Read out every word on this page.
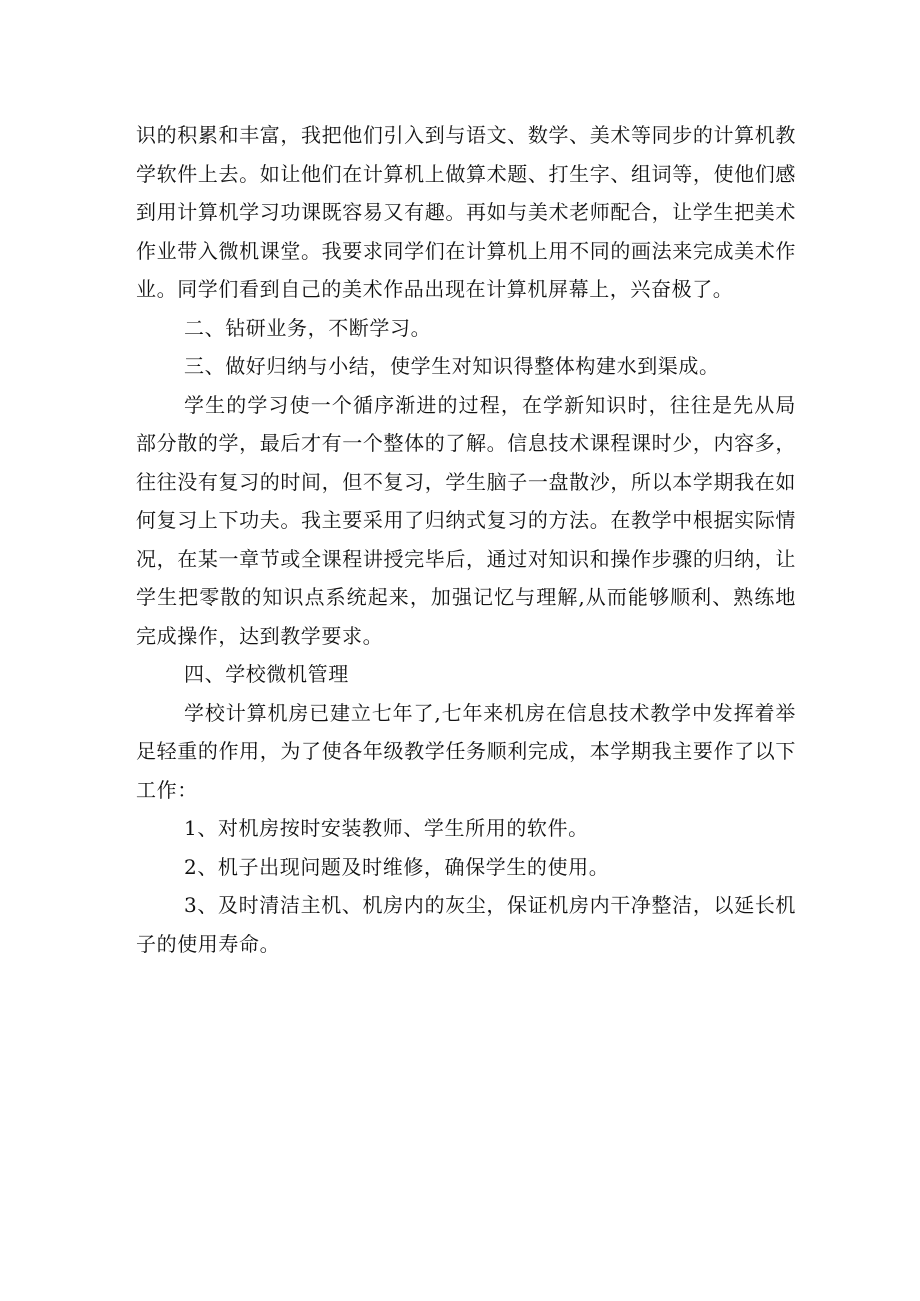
识的积累和丰富，我把他们引入到与语文、数学、美术等同步的计算机教学软件上去。如让他们在计算机上做算术题、打生字、组词等，使他们感到用计算机学习功课既容易又有趣。再如与美术老师配合，让学生把美术作业带入微机课堂。我要求同学们在计算机上用不同的画法来完成美术作业。同学们看到自己的美术作品出现在计算机屏幕上，兴奋极了。

二、钻研业务，不断学习。

三、做好归纳与小结，使学生对知识得整体构建水到渠成。

学生的学习使一个循序渐进的过程，在学新知识时，往往是先从局部分散的学，最后才有一个整体的了解。信息技术课程课时少，内容多，往往没有复习的时间，但不复习，学生脑子一盘散沙，所以本学期我在如何复习上下功夫。我主要采用了归纳式复习的方法。在教学中根据实际情况，在某一章节或全课程讲授完毕后，通过对知识和操作步骤的归纳，让学生把零散的知识点系统起来，加强记忆与理解,从而能够顺利、熟练地完成操作，达到教学要求。

四、学校微机管理

学校计算机房已建立七年了,七年来机房在信息技术教学中发挥着举足轻重的作用，为了使各年级教学任务顺利完成，本学期我主要作了以下工作：

1、对机房按时安装教师、学生所用的软件。

2、机子出现问题及时维修，确保学生的使用。

3、及时清洁主机、机房内的灰尘，保证机房内干净整洁，以延长机子的使用寿命。
